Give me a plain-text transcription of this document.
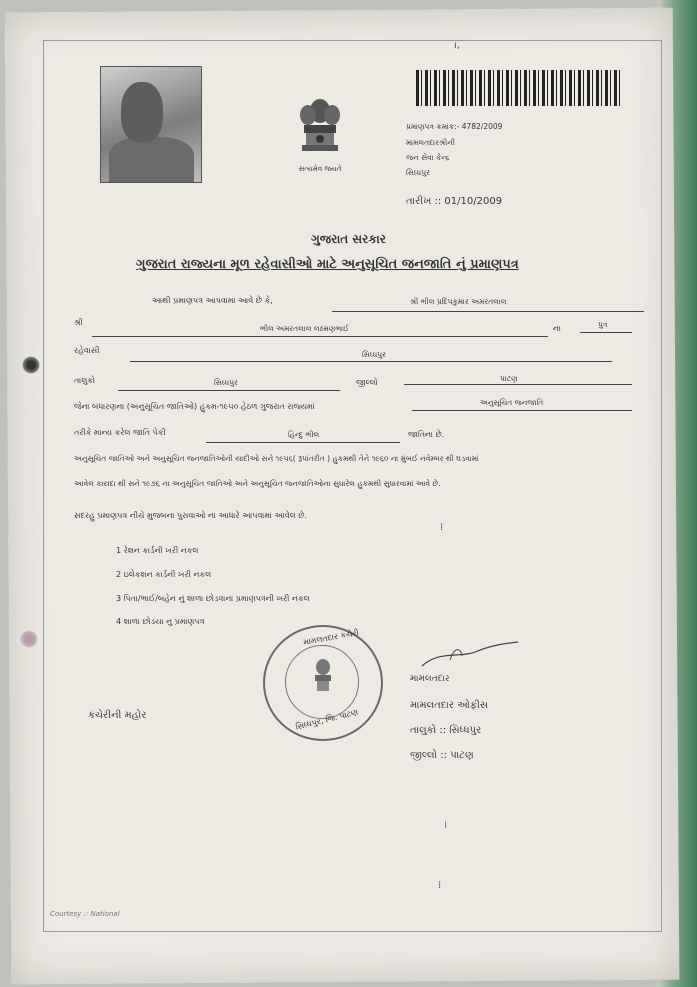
સત્યમેવ જયતે
પ્રમાણપત્ર ક્રમાંક:- 4782/2009
મામલતદારશ્રીની
જન સેવા કેન્દ્ર
સિધ્ધપુર
તારીખ :: 01/10/2009
ગુજરાત સરકાર
ગુજરાત રાજ્યના મૂળ રહેવાસીઓ માટે અનુસૂચિત જનજાતિ નું પ્રમાણપત્ર
આથી પ્રમાણપત્ર આપવામા આવે છે કે,	શ્રી ભીલ પ્રદિપકુમાર અમરતલાલ
શ્રી
ભીલ અમરતલાલ લક્ષ્મણભાઈ	ના	પુત્ર
રહેવાસી	સિધ્ધપુર
તાલુકો	સિધ્ધપુર	જીલ્લો	પાટણ
જેના બંધારણના (અનુસૂચિત જાતિઓ) હુકમ-૧૯૫૦ હેઠળ ગુજરાત રાજ્યમાં	અનુસૂચિત જનજાતિ
તરીકે માન્ય કરેલ જાતિ પેકી	હિન્દુ ભીલ	જાતિના છે.
અનુસૂચિત જાતિઓ અને અનુસૂચિત જનજાતિઓની યાદીઓ સને ૧૯૫૬( રૂપાંતરીત ) હુકમથી તેને ૧૯૬૦ ના મુંબઈ નવેમ્બર થી ઘડવામાં
આવેલ કાયદા થી સને ૧૯૭૬ ના અનુસૂચિત જાતિઓ અને અનુસૂચિત જનજાતિઓના સુધારેલ હુકમથી સુધારવામાં આવે છે.
સદરહુ પ્રમાણપત્ર નીચે મુજબના પુરાવાઓ ના આધારે આપવામાં આવેલ છે.
1 રેશન કાર્ડની ખરી નકલ
2 ઇલેકશન કાર્ડની ખરી નકલ
3 પિતા/ભાઈ/બહેન નું શાળા છોડવાના પ્રમાણપત્રની ખરી નકલ
4 શાળા છોડયા નુ પ્રમાણપત્ર
મામલતદાર કચેરી
સિધ્ધપુર, જિ. પાટણ
કચેરીની મહોર
મામલતદાર
મામલતદાર ઓફીસ
તાલુકો :: સિધ્ધપુર
જીલ્લો :: પાટણ
ı,
⁞
⁞
⁞
Courtesy :: National
